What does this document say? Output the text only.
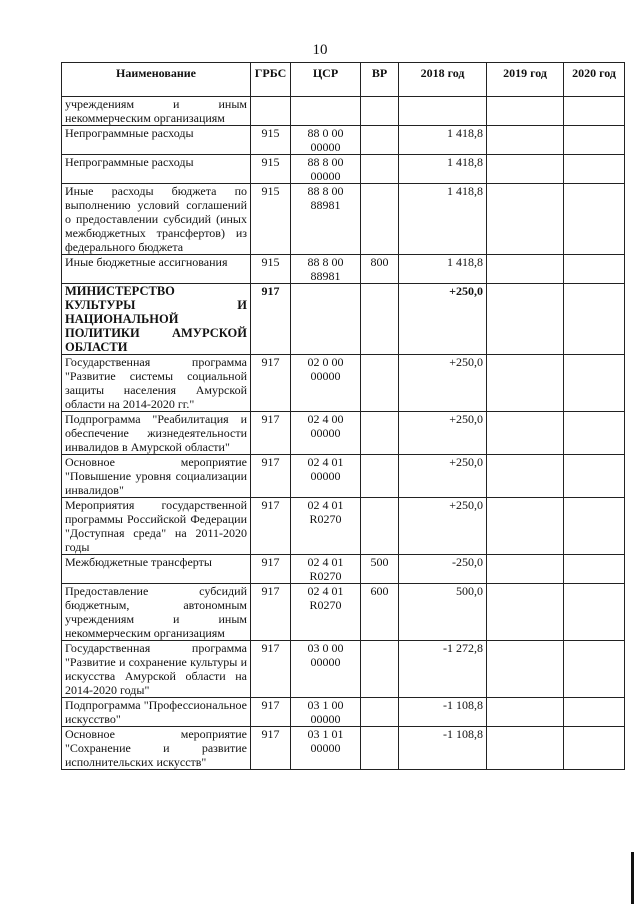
10
Наименование	ГРБС	ЦСР	ВР	2018 год	2019 год	2020 год
учреждениям и иным некоммерческим организациям						
Непрограммные расходы	915	88 0 00 00000		1 418,8		
Непрограммные расходы	915	88 8 00 00000		1 418,8		
Иные расходы бюджета по выполнению условий соглашений о предоставлении субсидий (иных межбюджетных трансфертов) из федерального бюджета	915	88 8 00 88981		1 418,8		
Иные бюджетные ассигнования	915	88 8 00 88981	800	1 418,8		
МИНИСТЕРСТВО КУЛЬТУРЫ И НАЦИОНАЛЬНОЙ ПОЛИТИКИ АМУРСКОЙ ОБЛАСТИ	917			+250,0		
Государственная программа "Развитие системы социальной защиты населения Амурской области на 2014-2020 гг."	917	02 0 00 00000		+250,0		
Подпрограмма "Реабилитация и обеспечение жизнедеятельности инвалидов в Амурской области"	917	02 4 00 00000		+250,0		
Основное мероприятие "Повышение уровня социализации инвалидов"	917	02 4 01 00000		+250,0		
Мероприятия государственной программы Российской Федерации "Доступная среда" на 2011-2020 годы	917	02 4 01 R0270		+250,0		
Межбюджетные трансферты	917	02 4 01 R0270	500	-250,0		
Предоставление субсидий бюджетным, автономным учреждениям и иным некоммерческим организациям	917	02 4 01 R0270	600	500,0		
Государственная программа "Развитие и сохранение культуры и искусства Амурской области на 2014-2020 годы"	917	03 0 00 00000		-1 272,8		
Подпрограмма "Профессиональное искусство"	917	03 1 00 00000		-1 108,8		
Основное мероприятие "Сохранение и развитие исполнительских искусств"	917	03 1 01 00000		-1 108,8		
